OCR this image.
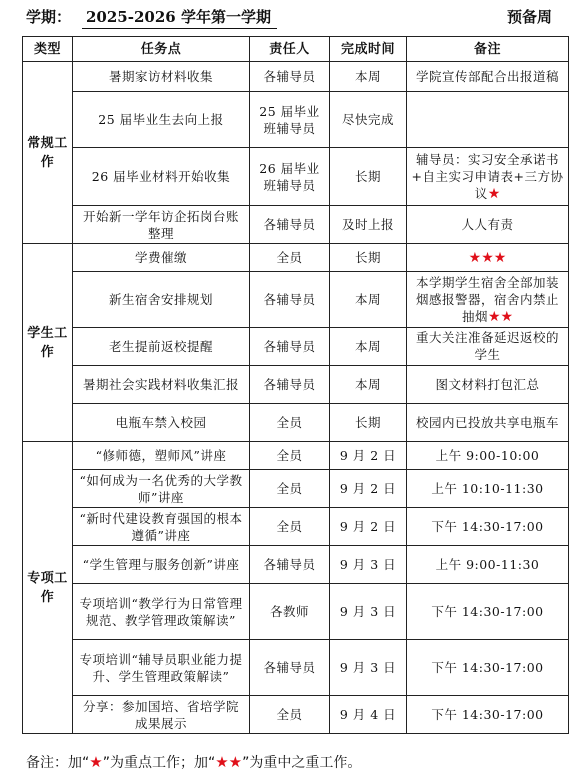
学期： 2025-2026 学年第一学期	预备周
类型	任务点	责任人	完成时间	备注
常规工作	暑期家访材料收集	各辅导员	本周	学院宣传部配合出报道稿
	25 届毕业生去向上报	25 届毕业班辅导员	尽快完成	
	26 届毕业材料开始收集	26 届毕业班辅导员	长期	辅导员：实习安全承诺书+自主实习申请表+三方协议★
	开始新一学年访企拓岗台账整理	各辅导员	及时上报	人人有责
学生工作	学费催缴	全员	长期	★★★
	新生宿舍安排规划	各辅导员	本周	本学期学生宿舍全部加装烟感报警器，宿舍内禁止抽烟★★
	老生提前返校提醒	各辅导员	本周	重大关注准备延迟返校的学生
	暑期社会实践材料收集汇报	各辅导员	本周	图文材料打包汇总
	电瓶车禁入校园	全员	长期	校园内已投放共享电瓶车
专项工作	“修师德，塑师风”讲座	全员	9 月 2 日	上午 9:00-10:00
	“如何成为一名优秀的大学教师”讲座	全员	9 月 2 日	上午 10:10-11:30
	“新时代建设教育强国的根本遵循”讲座	全员	9 月 2 日	下午 14:30-17:00
	“学生管理与服务创新”讲座	各辅导员	9 月 3 日	上午 9:00-11:30
	专项培训“教学行为日常管理规范、教学管理政策解读”	各教师	9 月 3 日	下午 14:30-17:00
	专项培训“辅导员职业能力提升、学生管理政策解读”	各辅导员	9 月 3 日	下午 14:30-17:00
	分享：参加国培、省培学院成果展示	全员	9 月 4 日	下午 14:30-17:00
备注：加“★”为重点工作；加“★★”为重中之重工作。
